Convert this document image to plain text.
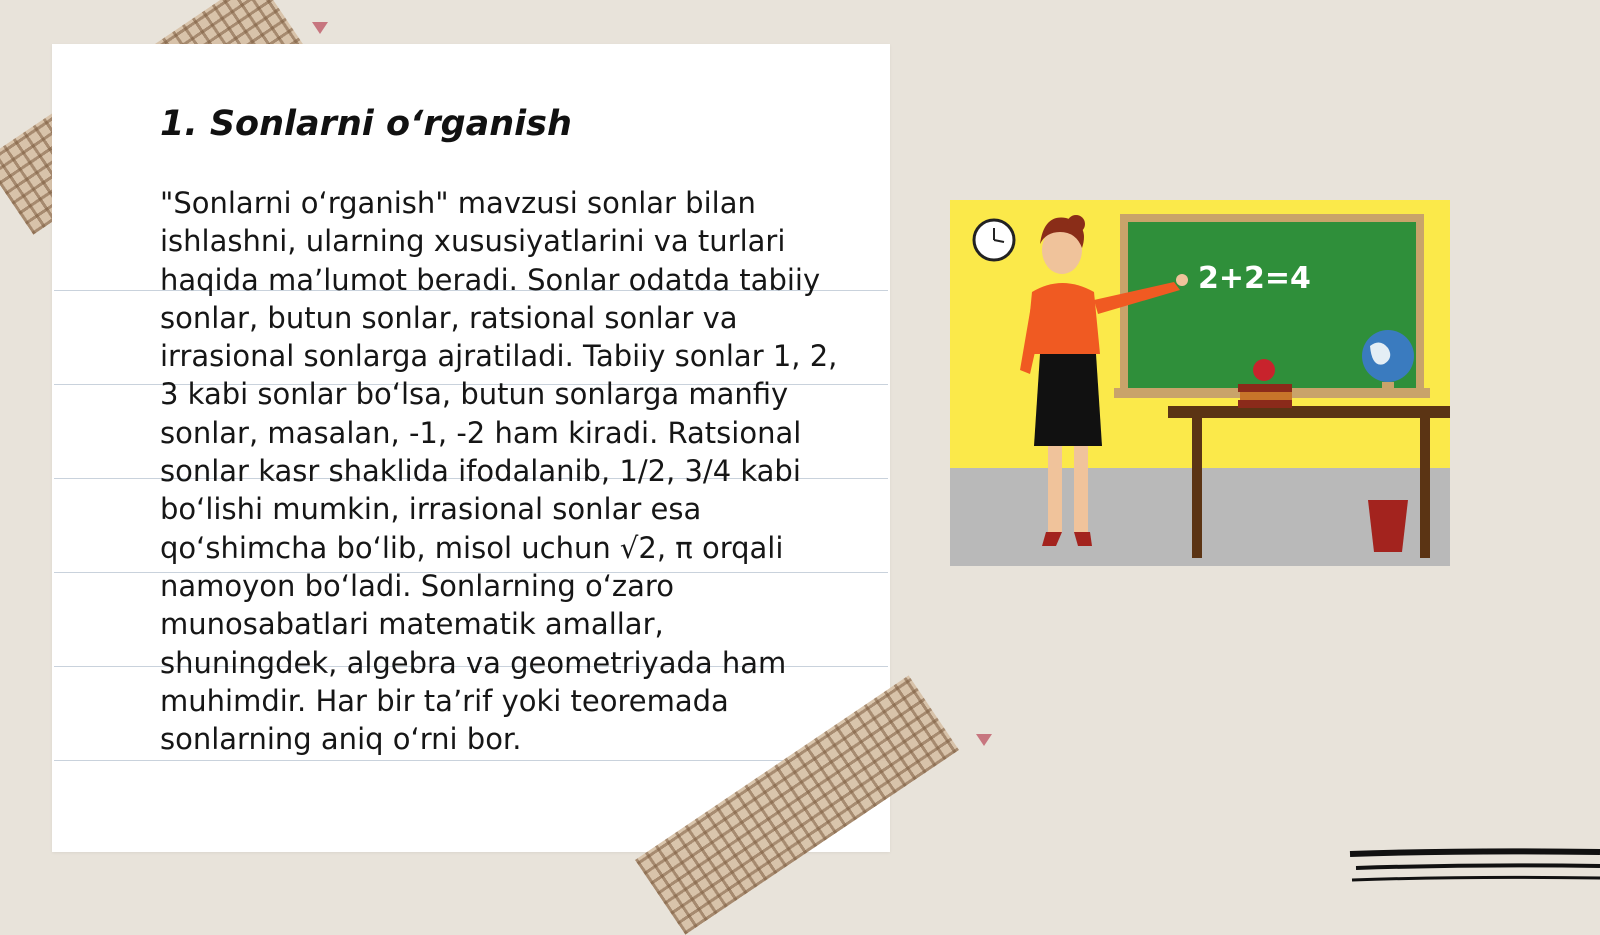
1. Sonlarni oʻrganish

"Sonlarni oʻrganish" mavzusi sonlar bilan ishlashni, ularning xususiyatlarini va turlari haqida maʼlumot beradi. Sonlar odatda tabiiy sonlar, butun sonlar, ratsional sonlar va irrasional sonlarga ajratiladi. Tabiiy sonlar 1, 2, 3 kabi sonlar boʻlsa, butun sonlarga manfiy sonlar, masalan, -1, -2 ham kiradi. Ratsional sonlar kasr shaklida ifodalanib, 1/2, 3/4 kabi boʻlishi mumkin, irrasional sonlar esa qoʻshimcha boʻlib, misol uchun √2, π orqali namoyon boʻladi. Sonlarning oʻzaro munosabatlari matematik amallar, shuningdek, algebra va geometriyada ham muhimdir. Har bir taʼrif yoki teoremada sonlarning aniq oʻrni bor.

2+2=4
